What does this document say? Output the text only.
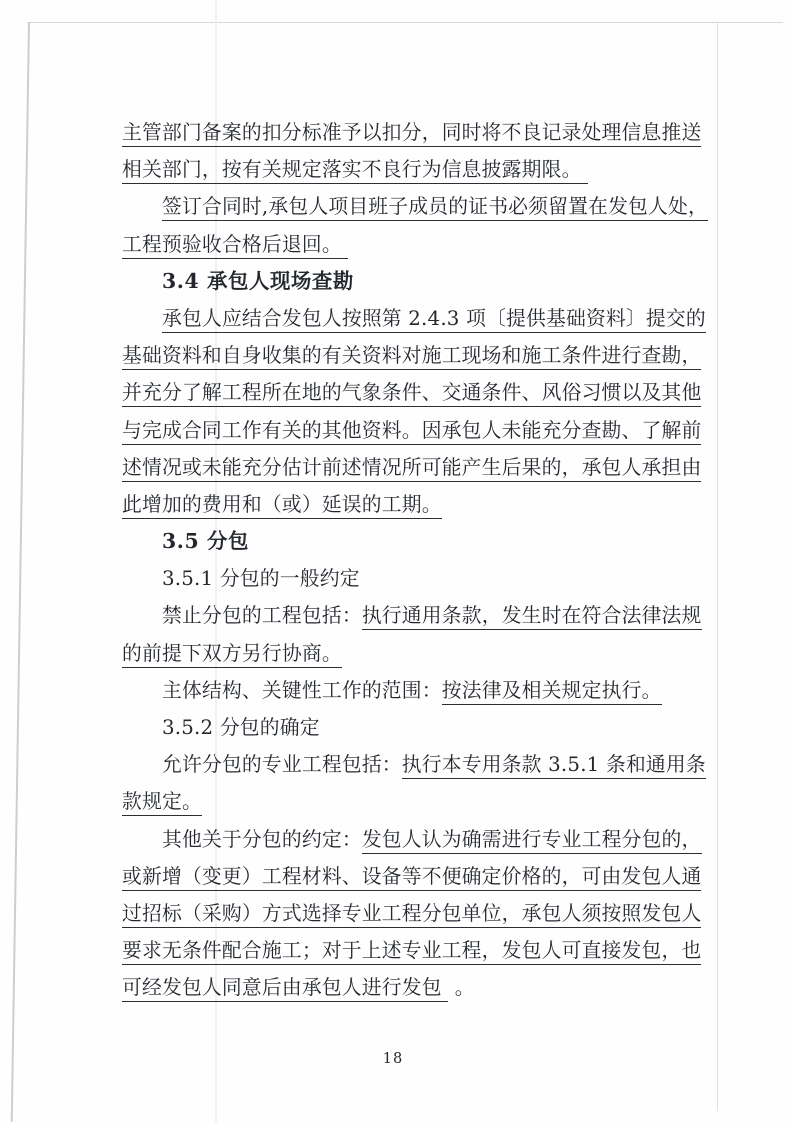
主管部门备案的扣分标准予以扣分，同时将不良记录处理信息推送
相关部门，按有关规定落实不良行为信息披露期限。
签订合同时,承包人项目班子成员的证书必须留置在发包人处，
工程预验收合格后退回。
3.4 承包人现场查勘
承包人应结合发包人按照第 2.4.3 项〔提供基础资料〕提交的
基础资料和自身收集的有关资料对施工现场和施工条件进行查勘，
并充分了解工程所在地的气象条件、交通条件、风俗习惯以及其他
与完成合同工作有关的其他资料。因承包人未能充分查勘、了解前
述情况或未能充分估计前述情况所可能产生后果的，承包人承担由
此增加的费用和（或）延误的工期。
3.5 分包
3.5.1 分包的一般约定
禁止分包的工程包括：执行通用条款，发生时在符合法律法规
的前提下双方另行协商。
主体结构、关键性工作的范围：按法律及相关规定执行。
3.5.2 分包的确定
允许分包的专业工程包括：执行本专用条款 3.5.1 条和通用条
款规定。
其他关于分包的约定：发包人认为确需进行专业工程分包的，
或新增（变更）工程材料、设备等不便确定价格的，可由发包人通
过招标（采购）方式选择专业工程分包单位，承包人须按照发包人
要求无条件配合施工；对于上述专业工程，发包人可直接发包，也
可经发包人同意后由承包人进行发包  。
18
